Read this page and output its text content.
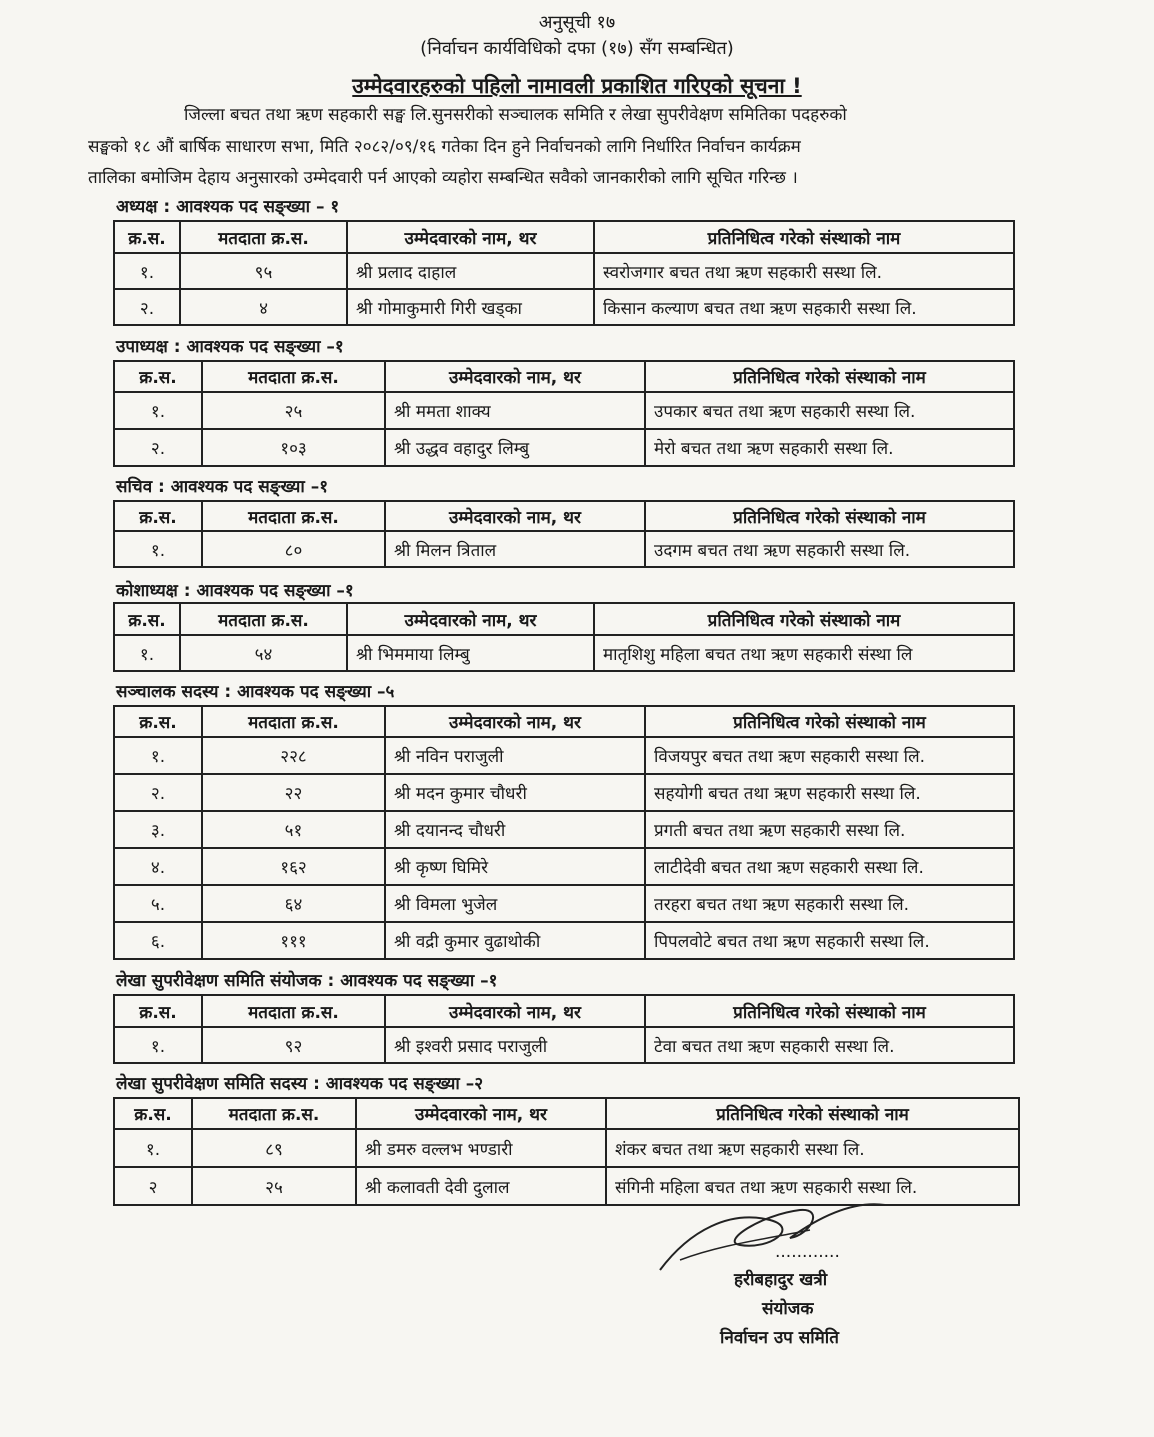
अनुसूची १७
(निर्वाचन कार्यविधिको दफा (१७) सँग सम्बन्धित)
उम्मेदवारहरुको पहिलो नामावली प्रकाशित गरिएको सूचना !
जिल्ला बचत तथा ऋण सहकारी सङ्घ लि.सुनसरीको सञ्चालक समिति र लेखा सुपरीवेक्षण समितिका पदहरुको
सङ्घको १८ औं बार्षिक साधारण सभा, मिति २०८२/०९/१६ गतेका दिन हुने निर्वाचनको लागि निर्धारित निर्वाचन कार्यक्रम
तालिका बमोजिम देहाय अनुसारको उम्मेदवारी पर्न आएको व्यहोरा सम्बन्धित सवैको जानकारीको लागि सूचित गरिन्छ ।
अध्यक्ष : आवश्यक पद सङ्ख्या – १
क्र.स.	मतदाता क्र.स.	उम्मेदवारको नाम, थर	प्रतिनिधित्व गरेको संस्थाको नाम
१.	९५	श्री प्रलाद दाहाल	स्वरोजगार बचत तथा ऋण सहकारी सस्था लि.
२.	४	श्री गोमाकुमारी गिरी खड्का	किसान कल्याण बचत तथा ऋण सहकारी सस्था लि.
उपाध्यक्ष : आवश्यक पद सङ्ख्या –१
क्र.स.	मतदाता क्र.स.	उम्मेदवारको नाम, थर	प्रतिनिधित्व गरेको संस्थाको नाम
१.	२५	श्री ममता शाक्य	उपकार बचत तथा ऋण सहकारी सस्था लि.
२.	१०३	श्री उद्धव वहादुर लिम्बु	मेरो बचत तथा ऋण सहकारी सस्था लि.
सचिव : आवश्यक पद सङ्ख्या –१
क्र.स.	मतदाता क्र.स.	उम्मेदवारको नाम, थर	प्रतिनिधित्व गरेको संस्थाको नाम
१.	८०	श्री मिलन त्रिताल	उदगम बचत तथा ऋण सहकारी सस्था लि.
कोशाध्यक्ष : आवश्यक पद सङ्ख्या –१
क्र.स.	मतदाता क्र.स.	उम्मेदवारको नाम, थर	प्रतिनिधित्व गरेको संस्थाको नाम
१.	५४	श्री भिममाया लिम्बु	मातृशिशु महिला बचत तथा ऋण सहकारी संस्था लि
सञ्चालक सदस्य : आवश्यक पद सङ्ख्या –५
क्र.स.	मतदाता क्र.स.	उम्मेदवारको नाम, थर	प्रतिनिधित्व गरेको संस्थाको नाम
१.	२२८	श्री नविन पराजुली	विजयपुर बचत तथा ऋण सहकारी सस्था लि.
२.	२२	श्री मदन कुमार चौधरी	सहयोगी बचत तथा ऋण सहकारी सस्था लि.
३.	५१	श्री दयानन्द चौधरी	प्रगती बचत तथा ऋण सहकारी सस्था लि.
४.	१६२	श्री कृष्ण घिमिरे	लाटीदेवी बचत तथा ऋण सहकारी सस्था लि.
५.	६४	श्री विमला भुजेल	तरहरा बचत तथा ऋण सहकारी सस्था लि.
६.	१११	श्री वद्री कुमार वुढाथोकी	पिपलवोटे बचत तथा ऋण सहकारी सस्था लि.
लेखा सुपरीवेक्षण समिति संयोजक : आवश्यक पद सङ्ख्या –१
क्र.स.	मतदाता क्र.स.	उम्मेदवारको नाम, थर	प्रतिनिधित्व गरेको संस्थाको नाम
१.	९२	श्री इश्वरी प्रसाद पराजुली	टेवा बचत तथा ऋण सहकारी सस्था लि.
लेखा सुपरीवेक्षण समिति सदस्य : आवश्यक पद सङ्ख्या –२
क्र.स.	मतदाता क्र.स.	उम्मेदवारको नाम, थर	प्रतिनिधित्व गरेको संस्थाको नाम
१.	८९	श्री डमरु वल्लभ भण्डारी	शंकर बचत तथा ऋण सहकारी सस्था लि.
२	२५	श्री कलावती देवी दुलाल	संगिनी महिला बचत तथा ऋण सहकारी सस्था लि.
............
हरीबहादुर खत्री
संयोजक
निर्वाचन उप समिति
